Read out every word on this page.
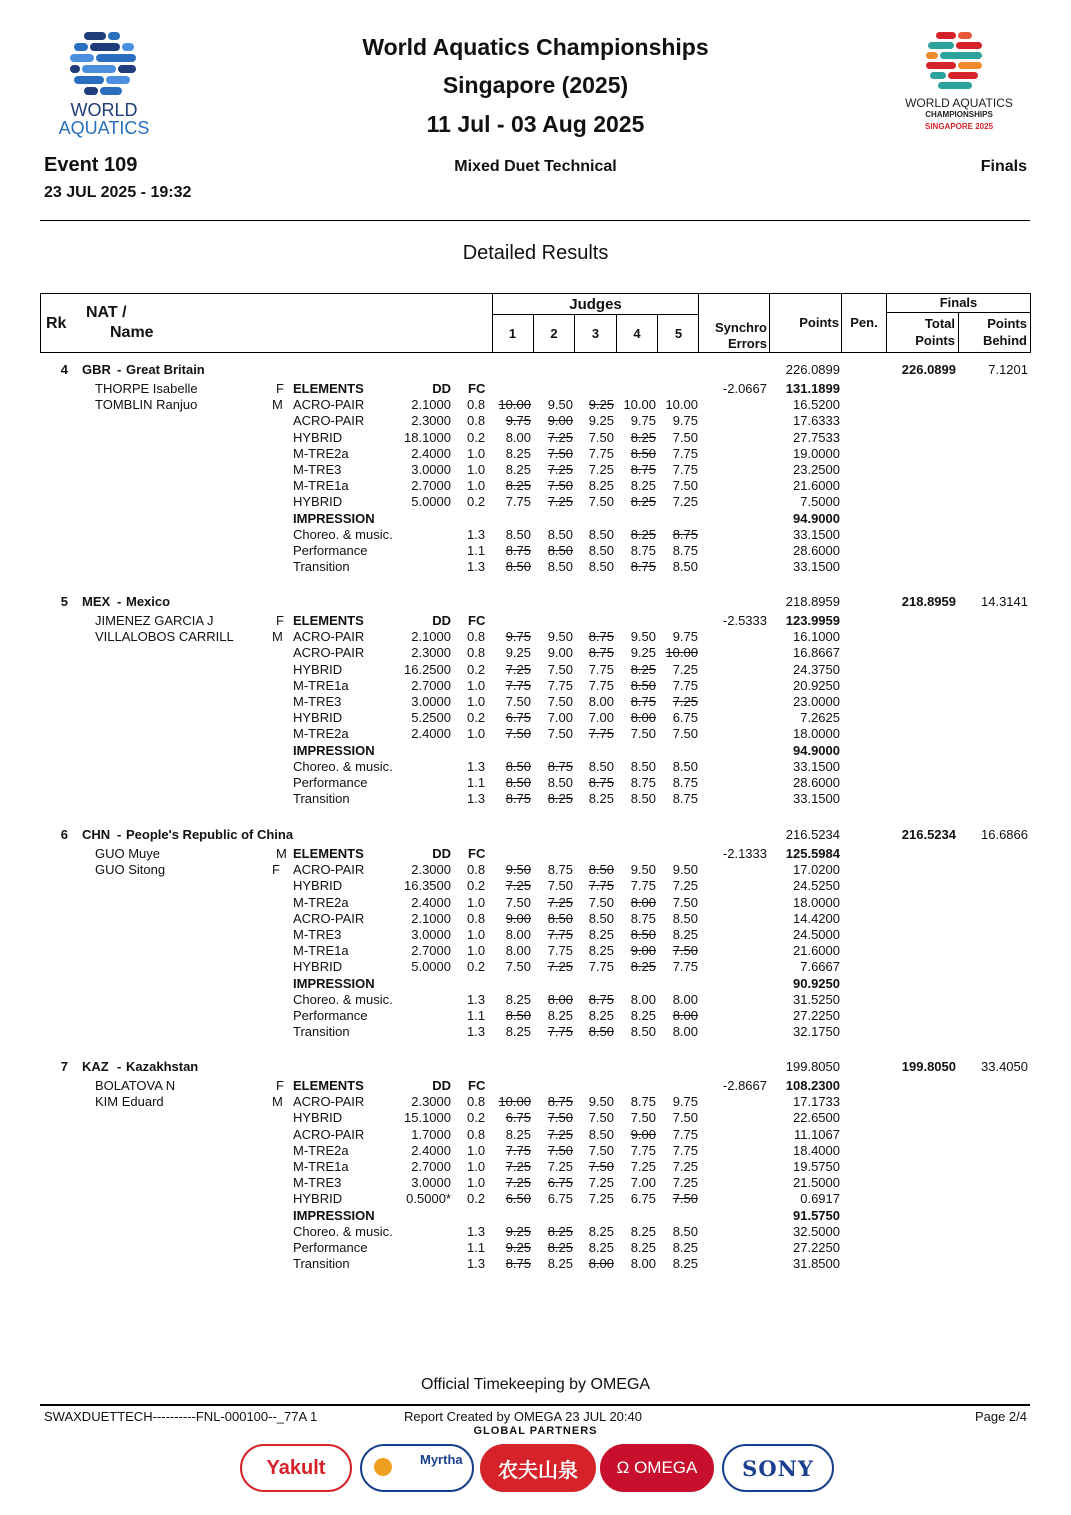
WORLD
AQUATICS
World Aquatics Championships
Singapore (2025)
11 Jul - 03 Aug 2025
WORLD AQUATICS
CHAMPIONSHIPS
SINGAPORE 2025
Event 109
23 JUL 2025 - 19:32
Mixed Duet Technical	Finals
Detailed Results
Rk
NAT /
Name
Judges
1	2	3	4	5	Synchro
Errors
Points Pen.
Finals
Total
Points
Points
Behind
4 GBR - Great Britain	226.0899	226.0899	7.1201
THORPE Isabelle	F ELEMENTS	DD FC	-2.0667	131.1899
TOMBLIN Ranjuo	M ACRO-PAIR	2.1000 0.8	10.00	9.50	9.25 10.00 10.00	16.5200
ACRO-PAIR	2.3000 0.8	9.75	9.00	9.25	9.75	9.75	17.6333
HYBRID	18.1000 0.2	8.00	7.25	7.50	8.25	7.50	27.7533
M-TRE2a	2.4000 1.0	8.25	7.50	7.75	8.50	7.75	19.0000
M-TRE3	3.0000 1.0	8.25	7.25	7.25	8.75	7.75	23.2500
M-TRE1a	2.7000 1.0	8.25	7.50	8.25	8.25	7.50	21.6000
HYBRID	5.0000 0.2	7.75	7.25	7.50	8.25	7.25	7.5000
IMPRESSION	94.9000
Choreo. & music.	1.3	8.50	8.50	8.50	8.25	8.75	33.1500
Performance	1.1	8.75	8.50	8.50	8.75	8.75	28.6000
Transition	1.3	8.50	8.50	8.50	8.75	8.50	33.1500
5 MEX - Mexico	218.8959	218.8959	14.3141
JIMENEZ GARCIA J	F ELEMENTS	DD FC	-2.5333	123.9959
VILLALOBOS CARRILL	M ACRO-PAIR	2.1000 0.8	9.75	9.50	8.75	9.50	9.75	16.1000
ACRO-PAIR	2.3000 0.8	9.25	9.00	8.75	9.25 10.00	16.8667
HYBRID	16.2500 0.2	7.25	7.50	7.75	8.25	7.25	24.3750
M-TRE1a	2.7000 1.0	7.75	7.75	7.75	8.50	7.75	20.9250
M-TRE3	3.0000 1.0	7.50	7.50	8.00	8.75	7.25	23.0000
HYBRID	5.2500 0.2	6.75	7.00	7.00	8.00	6.75	7.2625
M-TRE2a	2.4000 1.0	7.50	7.50	7.75	7.50	7.50	18.0000
IMPRESSION	94.9000
Choreo. & music.	1.3	8.50	8.75	8.50	8.50	8.50	33.1500
Performance	1.1	8.50	8.50	8.75	8.75	8.75	28.6000
Transition	1.3	8.75	8.25	8.25	8.50	8.75	33.1500
6 CHN - People's Republic of China	216.5234	216.5234	16.6866
GUO Muye	M ELEMENTS	DD FC	-2.1333	125.5984
GUO Sitong	F ACRO-PAIR	2.3000 0.8	9.50	8.75	8.50	9.50	9.50	17.0200
HYBRID	16.3500 0.2	7.25	7.50	7.75	7.75	7.25	24.5250
M-TRE2a	2.4000 1.0	7.50	7.25	7.50	8.00	7.50	18.0000
ACRO-PAIR	2.1000 0.8	9.00	8.50	8.50	8.75	8.50	14.4200
M-TRE3	3.0000 1.0	8.00	7.75	8.25	8.50	8.25	24.5000
M-TRE1a	2.7000 1.0	8.00	7.75	8.25	9.00	7.50	21.6000
HYBRID	5.0000 0.2	7.50	7.25	7.75	8.25	7.75	7.6667
IMPRESSION	90.9250
Choreo. & music.	1.3	8.25	8.00	8.75	8.00	8.00	31.5250
Performance	1.1	8.50	8.25	8.25	8.25	8.00	27.2250
Transition	1.3	8.25	7.75	8.50	8.50	8.00	32.1750
7 KAZ - Kazakhstan	199.8050	199.8050	33.4050
BOLATOVA N	F ELEMENTS	DD FC	-2.8667	108.2300
KIM Eduard	M ACRO-PAIR	2.3000 0.8	10.00	8.75	9.50	8.75	9.75	17.1733
HYBRID	15.1000 0.2	6.75	7.50	7.50	7.50	7.50	22.6500
ACRO-PAIR	1.7000 0.8	8.25	7.25	8.50	9.00	7.75	11.1067
M-TRE2a	2.4000 1.0	7.75	7.50	7.50	7.75	7.75	18.4000
M-TRE1a	2.7000 1.0	7.25	7.25	7.50	7.25	7.25	19.5750
M-TRE3	3.0000 1.0	7.25	6.75	7.25	7.00	7.25	21.5000
HYBRID	0.5000* 0.2	6.50	6.75	7.25	6.75	7.50	0.6917
IMPRESSION	91.5750
Choreo. & music.	1.3	9.25	8.25	8.25	8.25	8.50	32.5000
Performance	1.1	9.25	8.25	8.25	8.25	8.25	27.2250
Transition	1.3	8.75	8.25	8.00	8.00	8.25	31.8500
Official Timekeeping by OMEGA
SWAXDUETTECH----------FNL-000100--_77A 1	Report Created by OMEGA 23 JUL 20:40	Page 2/4
GLOBAL PARTNERS
Yakult	Myrtha 农夫山泉 Ω OMEGA SONY
